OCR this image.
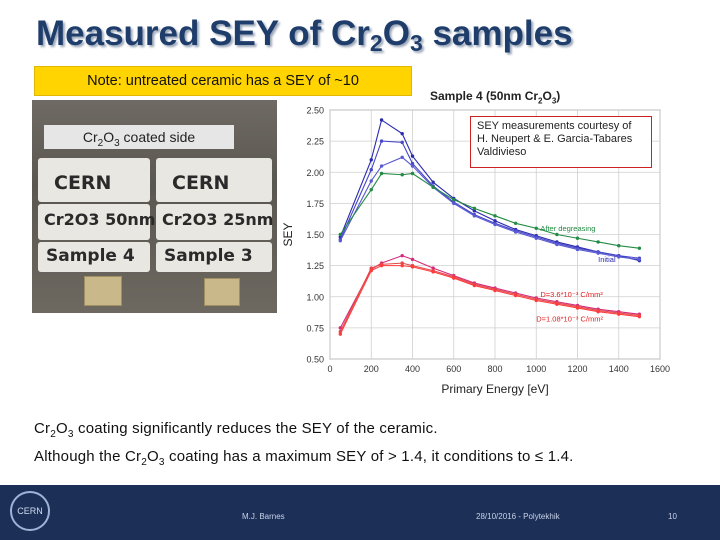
Measured SEY of $Cr_2O_3$ samples
Note: untreated ceramic has a SEY of ~10
CERN	CERN
Cr2O3 50nm Cr2O3 25nm
Sample 4 Sample 3
$Cr_2O_3$ coated side
0.50
0.75
1.00
1.25
1.50
1.75
2.00
2.25
2.50
0	200	400	600	800	1000 1200 1400 1600
Primary Energy [eV]
SEY	After degreasing
Initial
D=3.6*10⁻³ C/mm²
D=1.08*10⁻³ C/mm²
Sample 4 (50nm $Cr_2O_3$)
SEY measurements courtesy of H. Neupert & E. Garcia-Tabares Valdivieso
$Cr_2O_3$ coating significantly reduces the SEY of the ceramic.
Although the $Cr_2O_3$ coating has a maximum SEY of > 1.4, it conditions to ≤ 1.4.
CERN
M.J. Barnes	28/10/2016 - Polytekhik	10
